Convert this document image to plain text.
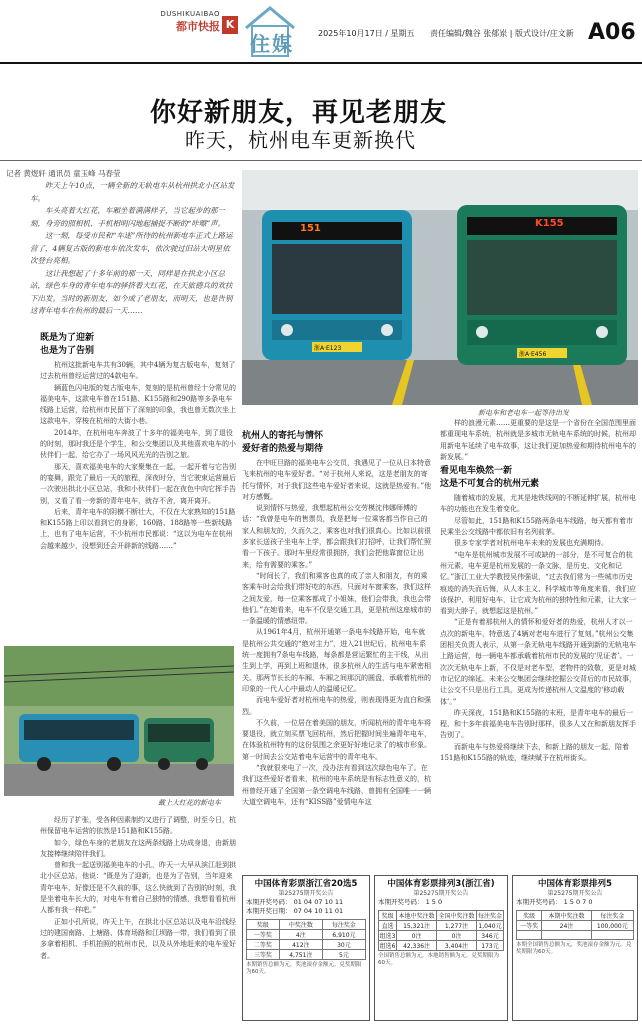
DUSHIKUAIBAO
都市快报 K
住媒	2025年10月17日 / 星期五 责任编辑/魏谷 张郁岽 | 版式设计/庄文新 A06
你好新朋友，再见老朋友
昨天，杭州电车更新换代
记者 黄煜轩 通讯员 童玉峰 马春莹

昨天上午10点，一辆全新的无轨电车从杭州拱北小区站发车。

车头亮着大红花，车厢坐着满满样子，当它起步的那一刻，身旁的照相机、手机相明闪地起捕捉不断的“咔嚓”声。

这一刻，每受市民和“车迷”所待的杭州新电车正式上路运营了，4辆复古版的新电车依次发车，依次驶过旧站大明星依次登台亮相。

这让我想起了十多年前的那一天，同样是在拱北小区总站，绿色车身的青年电车的驿挤着大红花，在天旅德兵的欢扶下出发。当时的新朋友，如今成了老朋友，而明天，也是告别这青年电车在杭州的最后一天……

151	K155
浙A·E123
浙A·E456
新电车和老电车一起等待出发
既是为了迎新
也是为了告别

杭州这批新电车共有30辆，其中4辆为复古版电车，复刻了过去杭州曾经运营过的4款电车。

辆蓝色闪电版的复古版电车，复刻的是杭州曾经十分常见的福美电车，这款电车曾在151路、K155路和290路等多条电车线路上运营，给杭州市民留下了深刻的印象，我也曾无数次坐上这款电车，穿梭在杭州的大街小巷。

2014年，在杭州电车奔波了十多年的福美电车，到了退役的时刻，那时我还是个学生，和公交集团以及其他喜欢电车的小伙伴们一起，给它办了一场风风光光的告别之旅。

那天，喜欢福美电车的大家聚集在一起，一起开着与它告别的宴舞，跟完了最后一天的旅程，深夜时分，当它驶束运营最后一次驶出拱北小区总站，我和小伙伴们一起在夜色中向它挥手告别，又看了看一旁新的青年电车，就存不舍，离开离开。

后来，青年电车的阴横不断壮大，不仅在大家熟知的151路和K155路上印以看到它的身影，160路、188路等一些新线路上，也有了电车运营，不少杭州市民都说：“这以为电车在杭州会越来越少，没想到还会开辟新的线路……”

戴上大红花的新电车

经历了扩张，受各种因素制约又进行了调整，时至今日，杭州保留电车运营的依然是151路和K155路。

如今，绿色车身的老朋友在这两条线路上功成身退，由新朋友接棒继续陪伴我们。

曾和我一起送别福美电车的小孔，昨天一大早从滨江赶到拱北小区总站，他说：“既是为了迎新，也是为了告别，当年迎来青年电车，好像还是不久前的事，这么快就到了告别的时刻，我是坐着电车长大的，对电车有着自己独特的情感，我想看看杭州人都有我一样吧。”

正如小孔所说，昨天上午，在拱北小区总站以及电车沿线经过的建国南路、上塘路、体育场路和江坝路一带，我们看到了很多拿着相机、手机拍照的杭州市民，以及从外地赶来的电车爱好者。

杭州人的寄托与情怀
爱好者的热爱与期待

在中旺旦路的福美电车公交员，我遇见了一位从日本特意飞来杭州的电车爱好者。“对于杭州人来说，这是老朋友的寄托与情怀，对于我们这些电车爱好者来说，这就是热爱有。”他对方感慨。

说到情怀与热爱，我想起杭州公交劳模沈伟娜师傅的话：“我曾是电车的售票员，我是把每一位乘客都当作自己的家人和朋友的，久而久之，乘客也对我们很真心。比如以前很多家长送孩子坐电车上学，都会跟我们打招呼，让我们帮忙照看一下孩子。那时车里经常很拥挤，我们会把他靠窗位让出来，给有需要的乘客。”

“时间长了，我们和乘客也真的成了亲人和朋友，有的乘客乘车时会给我们带好吃的东西，只面对车窗乘客，我们这样之间友爱，每一位乘客都成了小姐妹，他们会带我，我也会带他们。”在她看来，电车不仅是交通工具，更是杭州这座城市的一条温暖的情感纽带。

从1961年4月，杭州开通第一条电车线路开始，电车就是杭州公共交通的“绝对主力”，进入21世纪后，杭州电车系统一度拥有7条电车线路，每条都是营运繁忙的主干线，从出生到上学，再到上班和退休，很多杭州人的生活与电车紧密相关。那两节长长的车厢、车厢之间那沉的圆盘，承载着杭州的印象的一代人心中最动人的温暖记忆。

而电车爱好者对杭州电车的热爱，则表现得更为直白和强烈。

不久前，一位居在着美国的朋友，听闻杭州的青年电车将要退役，就立刻买票飞回杭州，然后把握时间坐遍青年电车，在体验杭州特有的这份氛围之余更好好地记录了的城市形象。第一时间去公交站着电车运营中的青年电车。

“我就很来电了一次，没办法有看到这次绿色电车了。在我们这些爱好者看来，杭州的电车系统是有标志性意义的，杭州曾经开通了全国第一条空调电车线路，曾拥有全国唯一一辆大道空调电车，还有“KISS路”爱情电车这

样的浪漫元素……更重要的是这是一个省份在全国范围里面都重现电车系统，杭州就是多城市无轨电车系统的时候，杭州却用新电车延续了电车故事，这让我们更加热爱和期待杭州电车的新发展。”

看见电车焕然一新
这是不可复合的杭州元素

随着城市的发展，尤其是地铁线网的不断延伸扩展，杭州电车的功能也在发生着变化。

尽管如此，151路和K155路两条电车线路，每天都有着市民乘坐公交线路中都依旧有名列前茅。

很多专家学者对杭州电车未来的发展也充满期待。

“电车是杭州城市发展不可或缺的一部分，是不可复合的杭州元素，电车更是杭州发展的一条文脉，是历史、文化和记忆。”浙江工业大学教授吴伟强说，“过去我们常为一些城市历史痕迹的消失而后悔，从人本主义、科学城市等角度来看，我们应该保护、利用好电车，让它成为杭州的独特性和元素，让大家一看到大脖子，就想起这是杭州。”

“正是有着那杭州人的情怀和爱好者的热爱，杭州人才以一点次的新电车，特意选了4辆对老电车进行了复刻。”杭州公交集团相关负责人表示，从第一条无轨电车线路开通到新的无轨电车上路运营，每一辆电车都承载着杭州市民的发展的‘见证者’。一次次无轨电车上新，不仅是对老车型、老物件的致敬，更是对城市记忆的绵延。未来公交集团会继续挖掘公交背后的市民故事，让公交不只是出行工具，更成为传递杭州人文温度的‘移动载体’。”

昨天深夜，151路和K155路的末班，是青年电车的最后一程，和十多年前福美电车告别时那样，很多人又在和新朋友挥手告别了。

而新电车与热爱将继续下去，和新上路的朋友一起，陪着151路和K155路的轨迹，继续赋予在杭州街头。

中国体育彩票浙江省20选5
第25275期开奖公告
本期开奖号码： 01 04 07 10 11
本期开奖日期： 07 04 10 11 01
奖级	中奖注数	每注奖金
一等奖	4注	6,910元
二等奖	412注	30元
三等奖	4,751注	5元
本期销售总额为元，奖池滚存金额元。兑奖期限为60天。
中国体育彩票排列3(浙江省)
第25275期开奖公告
本期开奖号码： 1 5 0
奖级	本地中奖注数	全国中奖注数	每注奖金
直选	15,321注	1,277注	1,040元
组选3	0注	0注	346元
组选6	42,336注	3,404注	173元
全国销售总额为元，本地销售额为元。兑奖期限为60天。
中国体育彩票排列5
第25275期开奖公告
本期开奖号码： 1 5 0 7 0
奖级	本期中奖注数	每注奖金
一等奖	24注	100,000元

本期全国销售总额为元，奖池滚存金额为元。兑奖期限为60天。
